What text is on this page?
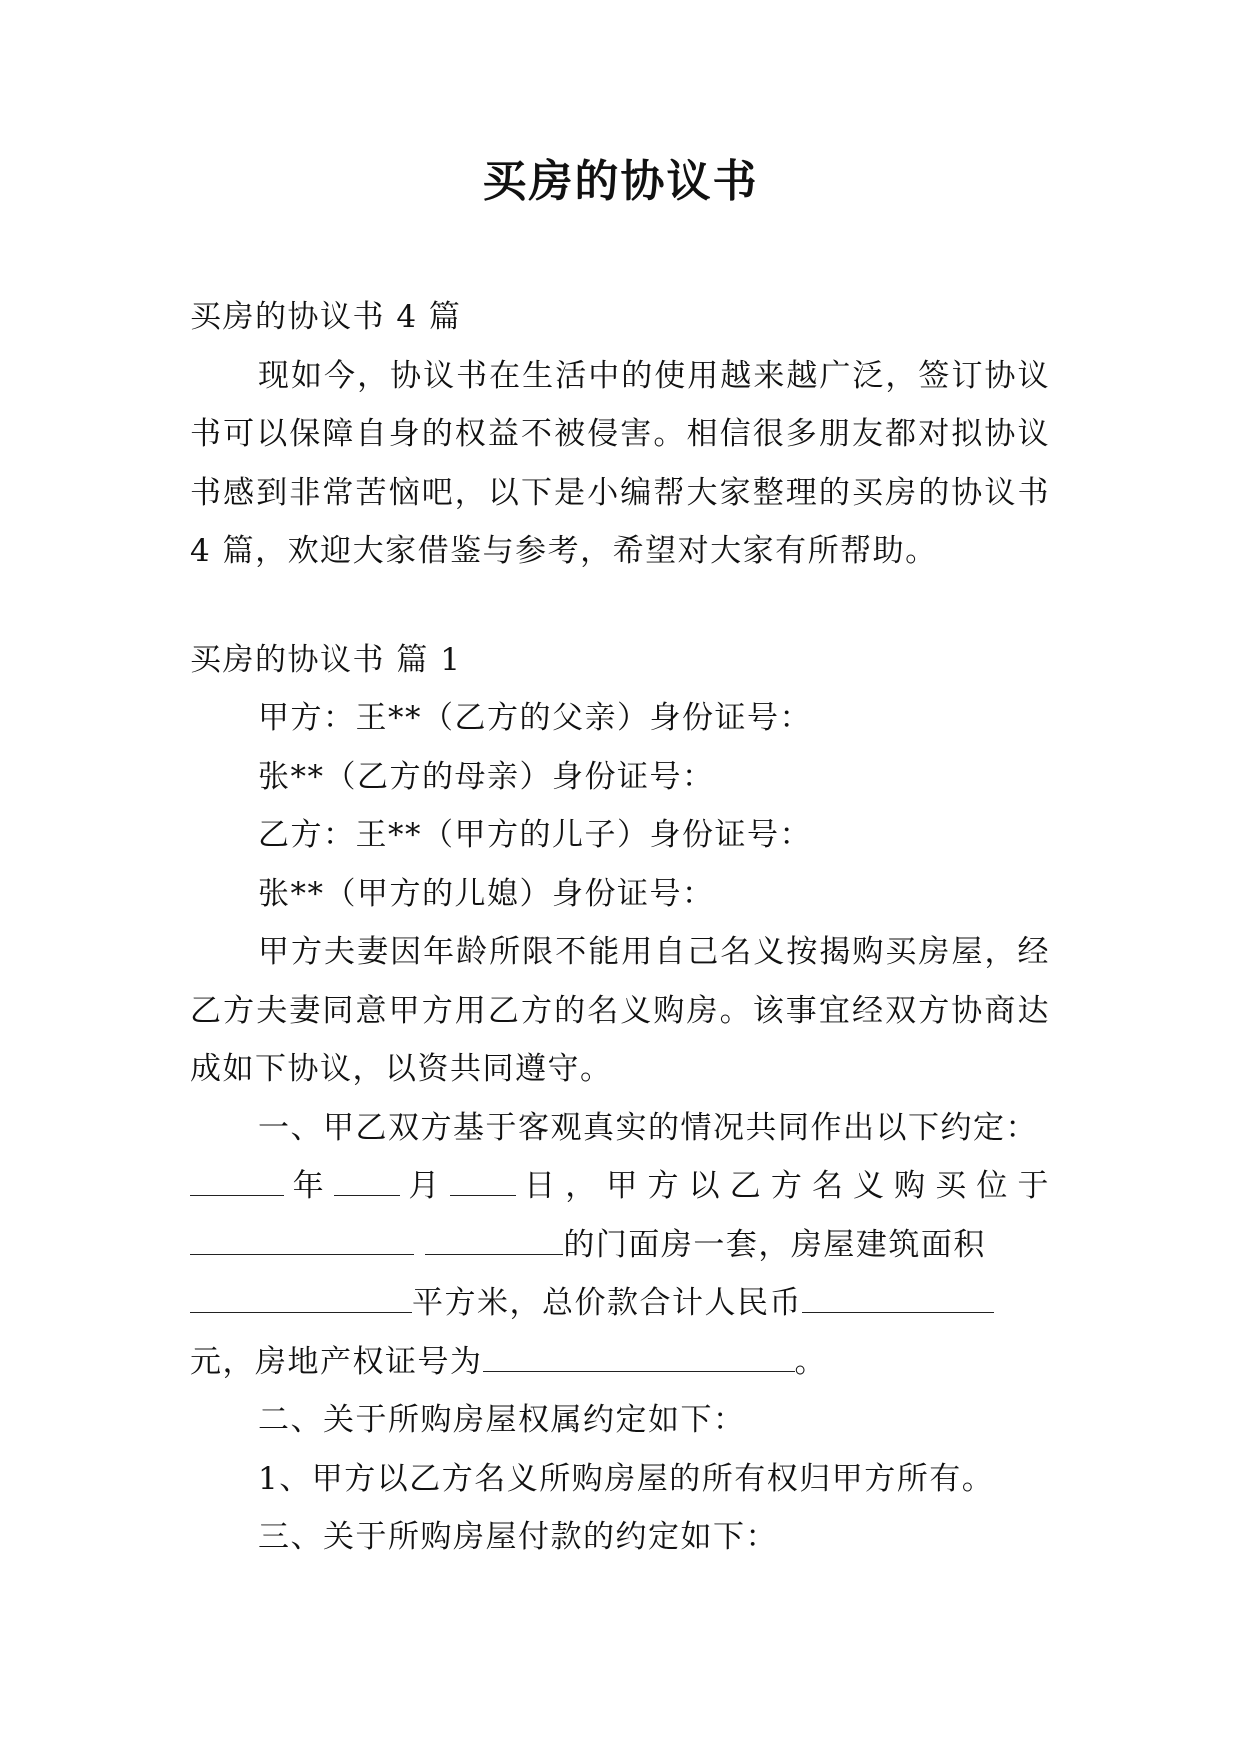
买房的协议书

买房的协议书 4 篇

现如今，协议书在生活中的使用越来越广泛，签订协议书可以保障自身的权益不被侵害。相信很多朋友都对拟协议书感到非常苦恼吧，以下是小编帮大家整理的买房的协议书 4 篇，欢迎大家借鉴与参考，希望对大家有所帮助。

买房的协议书 篇 1

甲方：王**（乙方的父亲）身份证号：

张**（乙方的母亲）身份证号：

乙方：王**（甲方的儿子）身份证号：

张**（甲方的儿媳）身份证号：

甲方夫妻因年龄所限不能用自己名义按揭购买房屋，经乙方夫妻同意甲方用乙方的名义购房。该事宜经双方协商达成如下协议，以资共同遵守。

一、甲乙双方基于客观真实的情况共同作出以下约定：

年 月 日，甲方以乙方名义购买位于

的门面房一套，房屋建筑面积

平方米，总价款合计人民币

元，房地产权证号为	。

二、关于所购房屋权属约定如下：

1、甲方以乙方名义所购房屋的所有权归甲方所有。

三、关于所购房屋付款的约定如下：
